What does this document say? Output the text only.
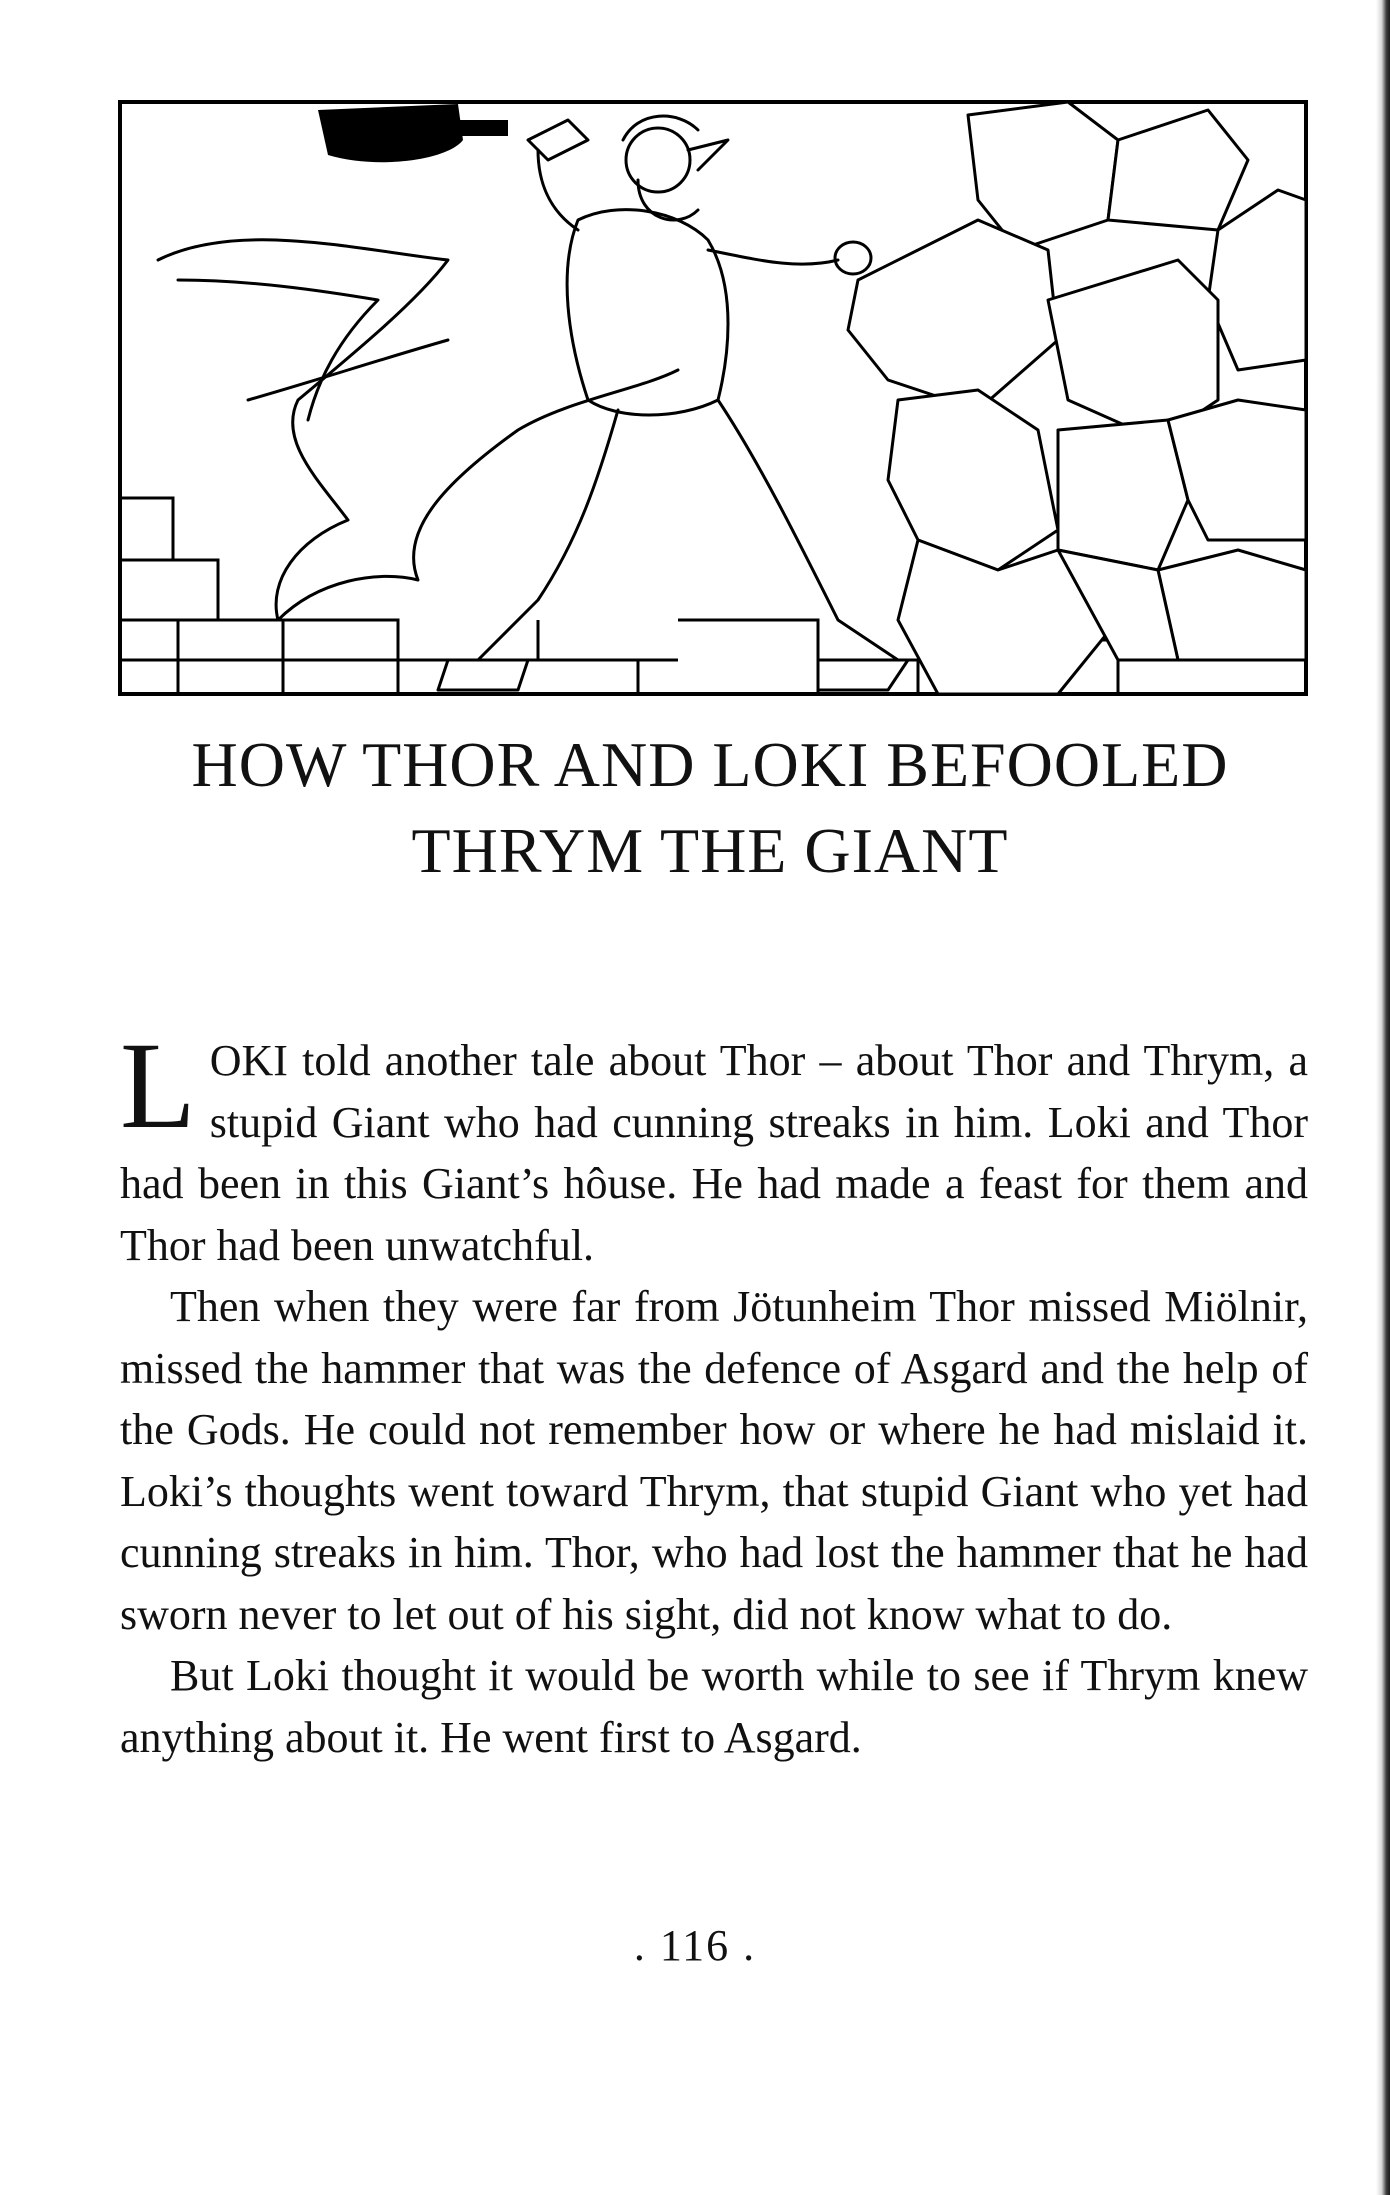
HOW THOR AND LOKI BEFOOLED
THRYM THE GIANT

LOKI told another tale about Thor – about Thor and Thrym, a stupid Giant who had cunning streaks in him. Loki and Thor had been in this Giant’s hôuse. He had made a feast for them and Thor had been unwatchful.

Then when they were far from Jötunheim Thor missed Miölnir, missed the hammer that was the defence of Asgard and the help of the Gods. He could not remember how or where he had mislaid it. Loki’s thoughts went toward Thrym, that stupid Giant who yet had cunning streaks in him. Thor, who had lost the hammer that he had sworn never to let out of his sight, did not know what to do.

But Loki thought it would be worth while to see if Thrym knew anything about it. He went first to Asgard.

. 116 .
